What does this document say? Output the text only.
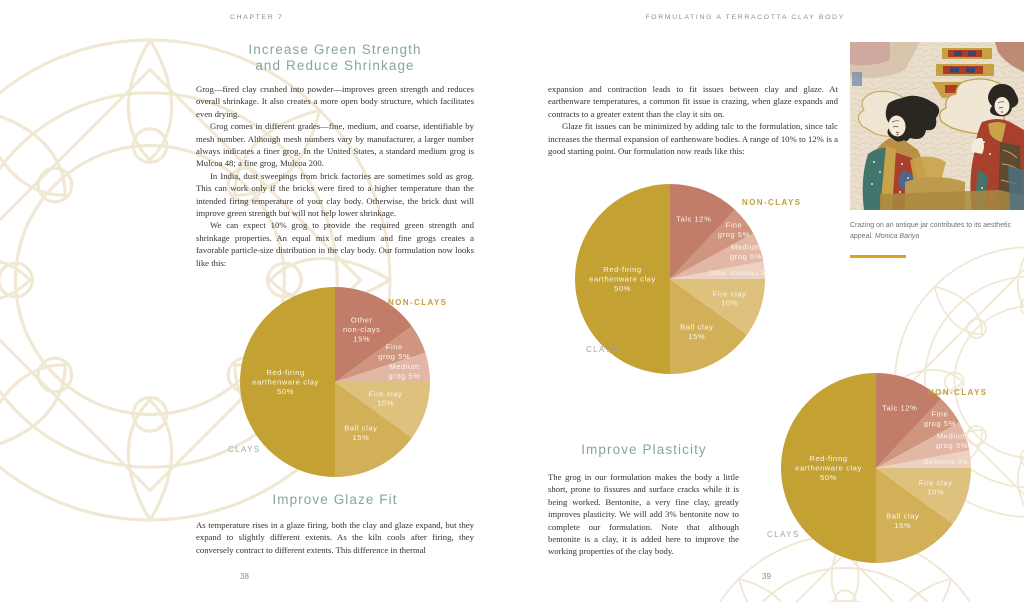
CHAPTER 7	FORMULATING A TERRACOTTA CLAY BODY
Increase Green Strength
and Reduce Shrinkage

Grog—fired clay crushed into powder—improves green strength and reduces overall shrinkage. It also creates a more open body structure, which facilitates even drying.

Grog comes in different grades—fine, medium, and coarse, identifiable by mesh number. Although mesh numbers vary by manufacturer, a larger number always indicates a finer grog. In the United States, a standard medium grog is Mulcoa 48; a fine grog, Mulcoa 200.

In India, dust sweepings from brick factories are sometimes sold as grog. This can work only if the bricks were fired to a higher temperature than the intended firing temperature of your clay body. Otherwise, the brick dust will improve green strength but will not help lower shrinkage.

We can expect 10% grog to provide the required green strength and shrinkage properties. An equal mix of medium and fine grogs creates a favorable particle-size distribution in the clay body. Our formulation now looks like this:

Other non-clays 15%
Fine grog 5%
Medium grog 5%
Fire clay 10%
Ball clay 15%
Red-firing earthenware clay 50%
NON-CLAYS
CLAYS
Improve Glaze Fit

As temperature rises in a glaze firing, both the clay and glaze expand, but they expand to slightly different extents. As the kiln cools after firing, they conversely contract to different extents. This difference in thermal

expansion and contraction leads to fit issues between clay and glaze. At earthenware temperatures, a common fit issue is crazing, when glaze expands and contracts to a greater extent than the clay it sits on.

Glaze fit issues can be minimized by adding talc to the formulation, since talc increases the thermal expansion of earthenware bodies. A range of 10% to 12% is a good starting point. Our formulation now reads like this:

Talc 12%
Fine grog 5%
Medium grog 5%
Other nonclays 3%
Fire clay 10%
Ball clay 15%
Red-firing earthenware clay 50%
NON-CLAYS
CLAYS
Improve Plasticity

The grog in our formulation makes the body a little short, prone to fissures and surface cracks while it is being worked. Bentonite, a very fine clay, greatly improves plasticity. We will add 3% bentonite now to complete our formulation. Note that although bentonite is a clay, it is added here to improve the working properties of the clay body.

Talc 12%
Fine grog 5%
Medium grog 5%
Bentonite 3%
Fire clay 10%
Ball clay 15%
Red-firing earthenware clay 50%
NON-CLAYS
CLAYS
Crazing on an antique jar contributes to its aesthetic appeal. Monica Bariya
38	39
